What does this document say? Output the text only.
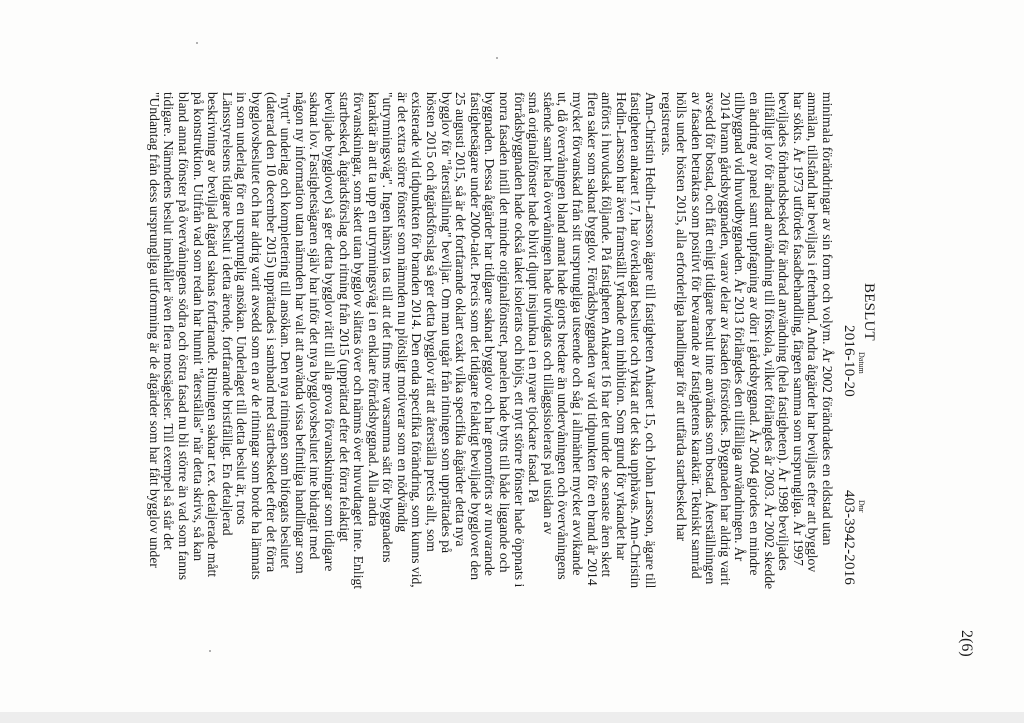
BESLUT
Datum
2016-10-20
Dnr
403-3942-2016
2(6)
minimala förändringar av sin form och volym. År 2002 förändrades en eldstad utan
anmälan, tillstånd har beviljats i efterhand. Andra åtgärder har beviljats efter att bygglov
har sökts. År 1973 utfördes fasadbehandling, färgen samma som ursprungliga. År 1997
beviljades förhandsbesked för ändrad användning (hela fastigheten). År 1998 beviljades
tillfälligt lov för ändrad användning till förskola, vilket förlängdes år 2003. År 2002 skedde
en ändring av panel samt uppfagning av dörr i gårdsbyggnad. År 2004 gjordes en mindre
tillbyggnad vid huvudbyggnaden. År 2013 förlängdes den tillfälliga användningen. År
2014 brann gårdsbyggnaden, varav delar av fasaden förstördes. Byggnaden har aldrig varit
avsedd för bostad, och fått enligt tidigare beslut inte användas som bostad. Återställningen
av fasaden betraktas som positivt för bevarande av fastighetens karaktär. Tekniskt samråd
hölls under hösten 2015, alla erforderliga handlingar för att utfärda startbesked har
registrerats.
Ann-Christin Hedin-Larsson ägare till fastigheten Ankaret 15, och Johan Larsson, ägare till
fastigheten ankaret 17, har överklagat beslutet och yrkat att det ska upphävas. Ann-Christin
Hedin-Larsson har även framställt yrkande om inhibition. Som grund för yrkandet har
anförts i huvudsak följande. På fastigheten Ankaret 16 har det under de senaste åren skett
flera saker som saknat bygglov. Förrådsbyggnaden var vid tidpunkten för en brand år 2014
mycket förvanskad från sitt ursprungliga utseende och såg i allmänhet mycket avvikande
ut, då övervåningen bland annat hade gjorts bredare än undervåningen och övervåningens
stående samt hela övervåningen hade utvidgats och tilläggsisolerats på utsidan av
små originalfönster hade blivit djupt insjunkna i en nyare tjockare fasad. På
förrådsbyggnaden hade också taket isolerats och höjts, ett nytt större fönster hade öppnats i
norra fasaden intill det mindre originalfönstret, panelen hade bytts till både liggande och
byggnaden. Dessa åtgärder har tidigare saknat bygglov och har genomförts av nuvarande
fastighetsägare under 2000-talet. Precis som det tidigare felaktigt beviljade bygglovet den
25 augusti 2015, så är det fortfarande oklart exakt vilka specifika åtgärder detta nya
bygglov för "återställning" beviljar. Om man utgår från ritningen som upprättades på
hösten 2015 och åtgärdsförslag så ger detta bygglov rätt att återställa precis allt, som
existerade vid tidpunkten för branden 2014. Den enda specifika förändring, som kunns vid,
är det extra större fönster som nämnden nu plötsligt motiverar som en nödvändig
"utrymningsväg". Ingen hänsyn tas till att det finns mer varsamma sätt för byggnadens
karaktär än att ta upp en utrymningsväg i en enklare förrådsbyggnad. Alla andra
förvanskningar, som skett utan bygglov slättas över och nämns över huvudtaget inte. Enligt
startbesked, åtgärdsförslag och ritning från 2015 (upprättad efter det förra felaktigt
beviljade bygglovet) så ger detta bygglov rätt till alla grova förvanskningar som tidigare
saknat lov. Fastighetsägaren själv har inför det nya bygglovsbeslutet inte bidragit med
någon ny information utan nämnden har valt att använda vissa befintliga handlingar som
"nytt" underlag och komplettering till ansökan. Den nya ritningen som bifogats beslutet
(daterad den 10 december 2015) upprättades i samband med startbeskedet efter det förra
bygglovsbeslutet och har aldrig varit avsedd som en av de ritningar som borde ha lämnats
in som underlag för en ursprunglig ansökan. Underlaget till detta beslut är, trots
Länsstyrelsens tidigare beslut i detta ärende, fortfarande bristfälligt. En detaljerad
beskrivning av beviljad åtgärd saknas fortfarande. Ritningen saknar t.ex. detaljerade mått
på konstruktion. Utifrån vad som redan har hunnit "återställas" när detta skrivs, så kan
bland annat fönster på övervåningens södra och östra fasad nu bli större än vad som fanns
tidigare. Nämndens beslut innehåller även flera motsägelser. Till exempel så står det
"Undantag från dess ursprungliga utformning är de åtgärder som har fått bygglov under
